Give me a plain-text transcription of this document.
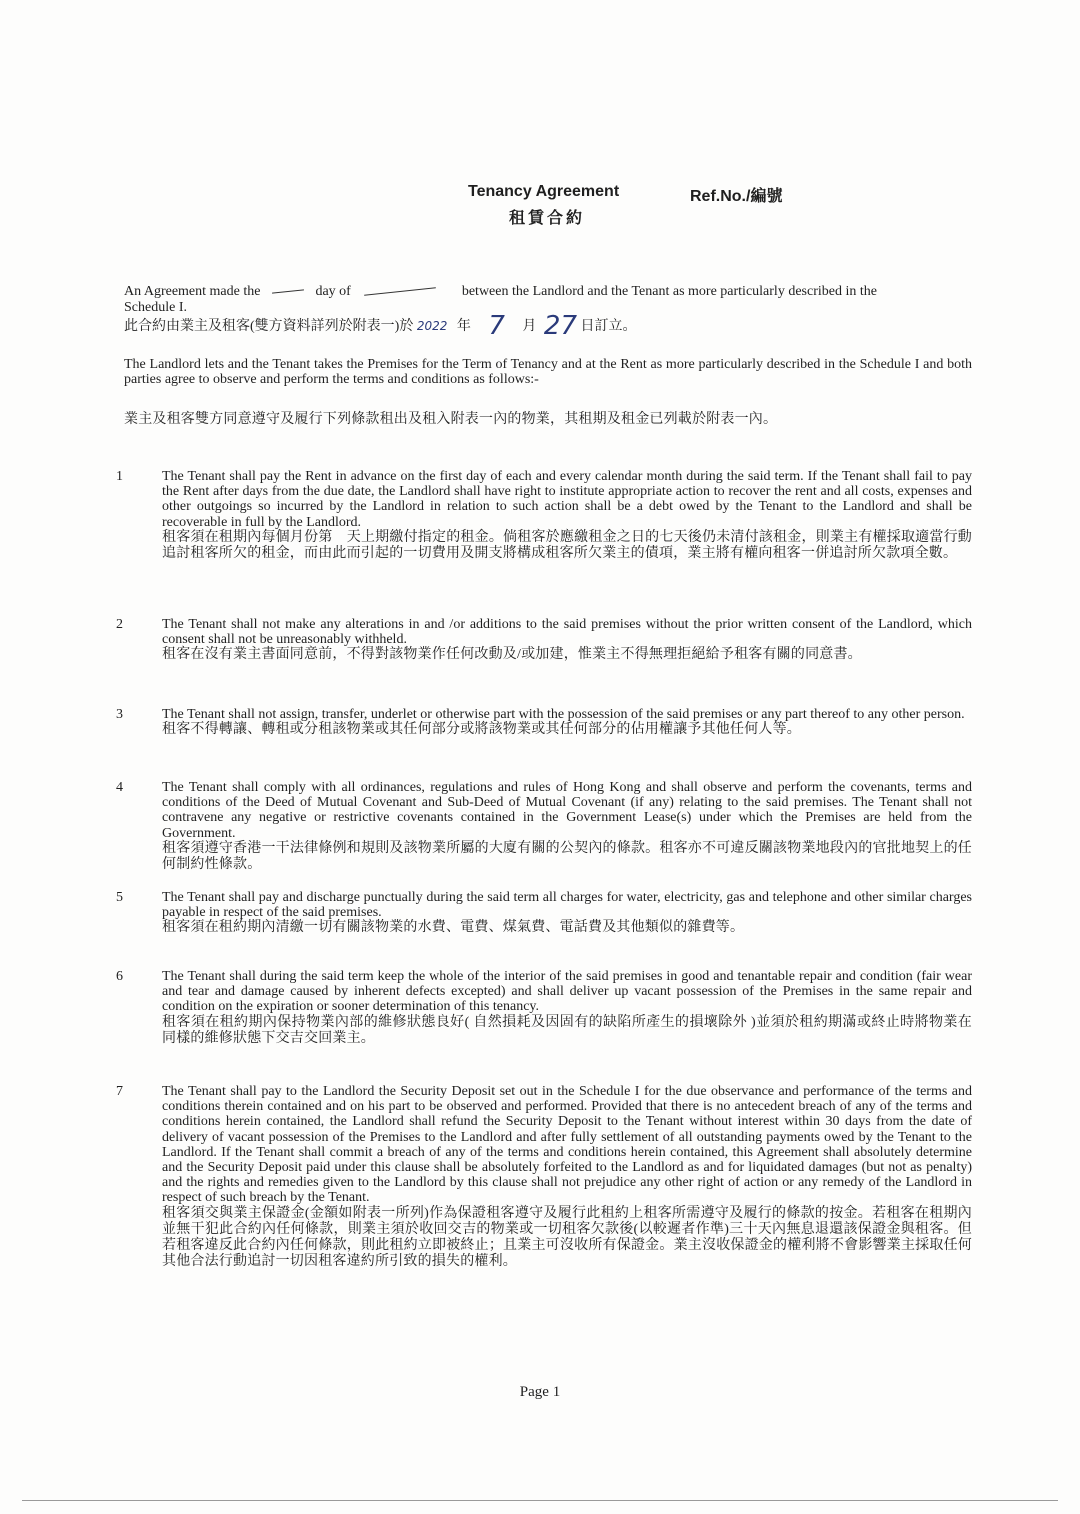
Tenancy Agreement
租賃合約
Ref.No./編號
An Agreement made the	day of	between the Landlord and the Tenant as more particularly described in the
Schedule I.
此合約由業主及租客(雙方資料詳列於附表一)於 2022 年 7 月 27 日訂立。
The Landlord lets and the Tenant takes the Premises for the Term of Tenancy and at the Rent as more particularly described in the Schedule I and both parties agree to observe and perform the terms and conditions as follows:-
業主及租客雙方同意遵守及履行下列條款租出及租入附表一內的物業，其租期及租金已列載於附表一內。
1	The Tenant shall pay the Rent in advance on the first day of each and every calendar month during the said term. If the Tenant shall fail to pay the Rent after days from the due date, the Landlord shall have right to institute appropriate action to recover the rent and all costs, expenses and other outgoings so incurred by the Landlord in relation to such action shall be a debt owed by the Tenant to the Landlord and shall be recoverable in full by the Landlord.
租客須在租期內每個月份第　天上期繳付指定的租金。倘租客於應繳租金之日的七天後仍未清付該租金，則業主有權採取適當行動追討租客所欠的租金，而由此而引起的一切費用及開支將構成租客所欠業主的債項，業主將有權向租客一併追討所欠款項全數。
2	The Tenant shall not make any alterations in and /or additions to the said premises without the prior written consent of the Landlord, which consent shall not be unreasonably withheld.
租客在沒有業主書面同意前，不得對該物業作任何改動及/或加建，惟業主不得無理拒絕給予租客有關的同意書。
3	The Tenant shall not assign, transfer, underlet or otherwise part with the possession of the said premises or any part thereof to any other person.
租客不得轉讓、轉租或分租該物業或其任何部分或將該物業或其任何部分的佔用權讓予其他任何人等。
4	The Tenant shall comply with all ordinances, regulations and rules of Hong Kong and shall observe and perform the covenants, terms and conditions of the Deed of Mutual Covenant and Sub-Deed of Mutual Covenant (if any) relating to the said premises. The Tenant shall not contravene any negative or restrictive covenants contained in the Government Lease(s) under which the Premises are held from the Government.
租客須遵守香港一干法律條例和規則及該物業所屬的大廈有關的公契內的條款。租客亦不可違反關該物業地段內的官批地契上的任何制約性條款。
5	The Tenant shall pay and discharge punctually during the said term all charges for water, electricity, gas and telephone and other similar charges payable in respect of the said premises.
租客須在租約期內清繳一切有關該物業的水費、電費、煤氣費、電話費及其他類似的雜費等。
6	The Tenant shall during the said term keep the whole of the interior of the said premises in good and tenantable repair and condition (fair wear and tear and damage caused by inherent defects excepted) and shall deliver up vacant possession of the Premises in the same repair and condition on the expiration or sooner determination of this tenancy.
租客須在租約期內保持物業內部的維修狀態良好( 自然損耗及因固有的缺陷所產生的損壞除外 )並須於租約期滿或終止時將物業在同樣的維修狀態下交吉交回業主。
7	The Tenant shall pay to the Landlord the Security Deposit set out in the Schedule I for the due observance and performance of the terms and conditions therein contained and on his part to be observed and performed. Provided that there is no antecedent breach of any of the terms and conditions herein contained, the Landlord shall refund the Security Deposit to the Tenant without interest within 30 days from the date of delivery of vacant possession of the Premises to the Landlord and after fully settlement of all outstanding payments owed by the Tenant to the Landlord. If the Tenant shall commit a breach of any of the terms and conditions herein contained, this Agreement shall absolutely determine and the Security Deposit paid under this clause shall be absolutely forfeited to the Landlord as and for liquidated damages (but not as penalty) and the rights and remedies given to the Landlord by this clause shall not prejudice any other right of action or any remedy of the Landlord in respect of such breach by the Tenant.
租客須交與業主保證金(金額如附表一所列)作為保證租客遵守及履行此租約上租客所需遵守及履行的條款的按金。若租客在租期內並無干犯此合約內任何條款，則業主須於收回交吉的物業或一切租客欠款後(以較遲者作準)三十天內無息退還該保證金與租客。但若租客違反此合約內任何條款，則此租約立即被終止；且業主可沒收所有保證金。業主沒收保證金的權利將不會影響業主採取任何其他合法行動追討一切因租客違約所引致的損失的權利。
Page 1
